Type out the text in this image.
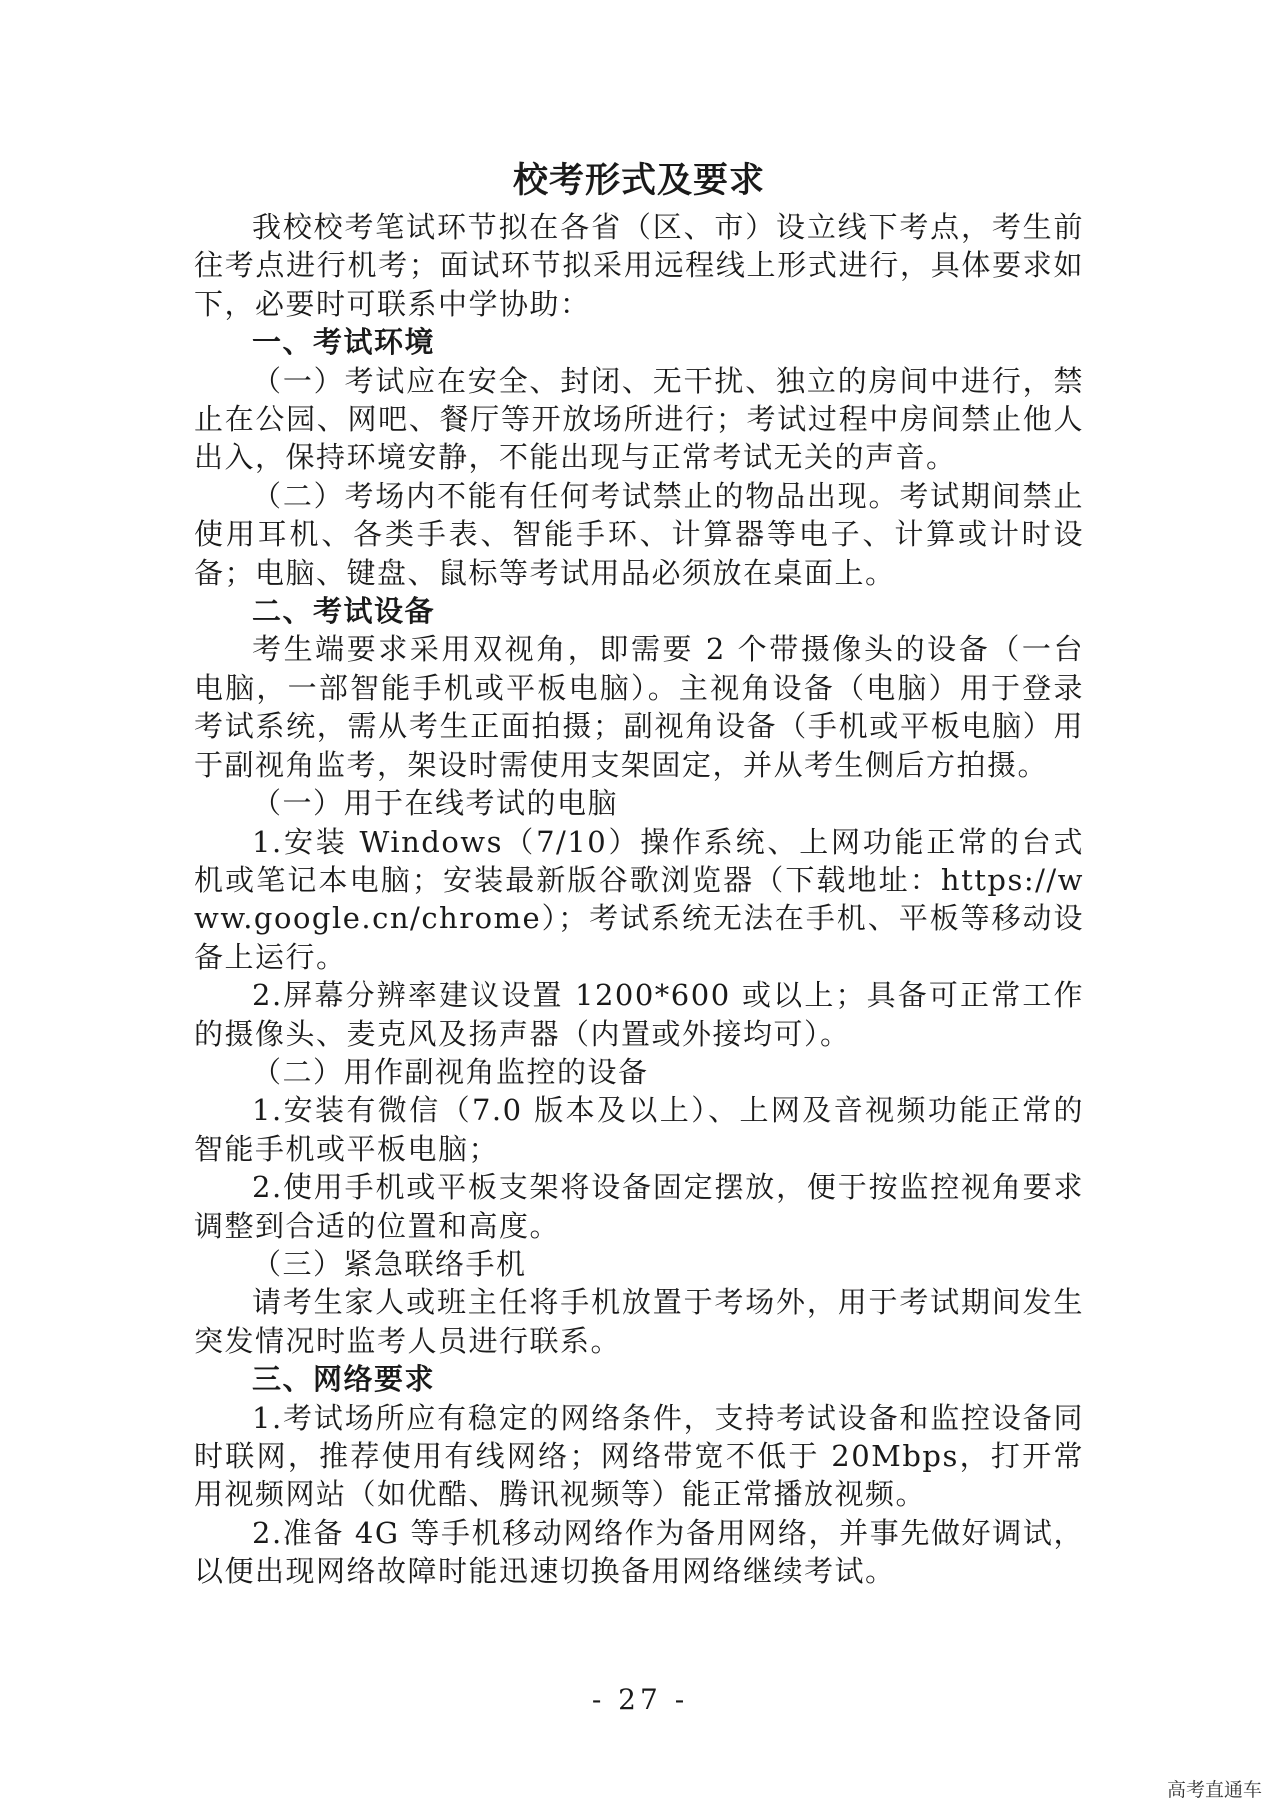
校考形式及要求

我校校考笔试环节拟在各省（区、市）设立线下考点，考生前往考点进行机考；面试环节拟采用远程线上形式进行，具体要求如下，必要时可联系中学协助：

一、考试环境

（一）考试应在安全、封闭、无干扰、独立的房间中进行，禁止在公园、网吧、餐厅等开放场所进行；考试过程中房间禁止他人出入，保持环境安静，不能出现与正常考试无关的声音。

（二）考场内不能有任何考试禁止的物品出现。考试期间禁止使用耳机、各类手表、智能手环、计算器等电子、计算或计时设备；电脑、键盘、鼠标等考试用品必须放在桌面上。

二、考试设备

考生端要求采用双视角，即需要 2 个带摄像头的设备（一台电脑，一部智能手机或平板电脑）。主视角设备（电脑）用于登录考试系统，需从考生正面拍摄；副视角设备（手机或平板电脑）用于副视角监考，架设时需使用支架固定，并从考生侧后方拍摄。

（一）用于在线考试的电脑

1.安装 Windows（7/10）操作系统、上网功能正常的台式机或笔记本电脑；安装最新版谷歌浏览器（下载地址：https://www.google.cn/chrome）；考试系统无法在手机、平板等移动设备上运行。

2.屏幕分辨率建议设置 1200*600 或以上；具备可正常工作的摄像头、麦克风及扬声器（内置或外接均可）。

（二）用作副视角监控的设备

1.安装有微信（7.0 版本及以上）、上网及音视频功能正常的智能手机或平板电脑；

2.使用手机或平板支架将设备固定摆放，便于按监控视角要求调整到合适的位置和高度。

（三）紧急联络手机

请考生家人或班主任将手机放置于考场外，用于考试期间发生突发情况时监考人员进行联系。

三、网络要求

1.考试场所应有稳定的网络条件，支持考试设备和监控设备同时联网，推荐使用有线网络；网络带宽不低于 20Mbps，打开常用视频网站（如优酷、腾讯视频等）能正常播放视频。

2.准备 4G 等手机移动网络作为备用网络，并事先做好调试，以便出现网络故障时能迅速切换备用网络继续考试。

- 27 -
高考直通车
